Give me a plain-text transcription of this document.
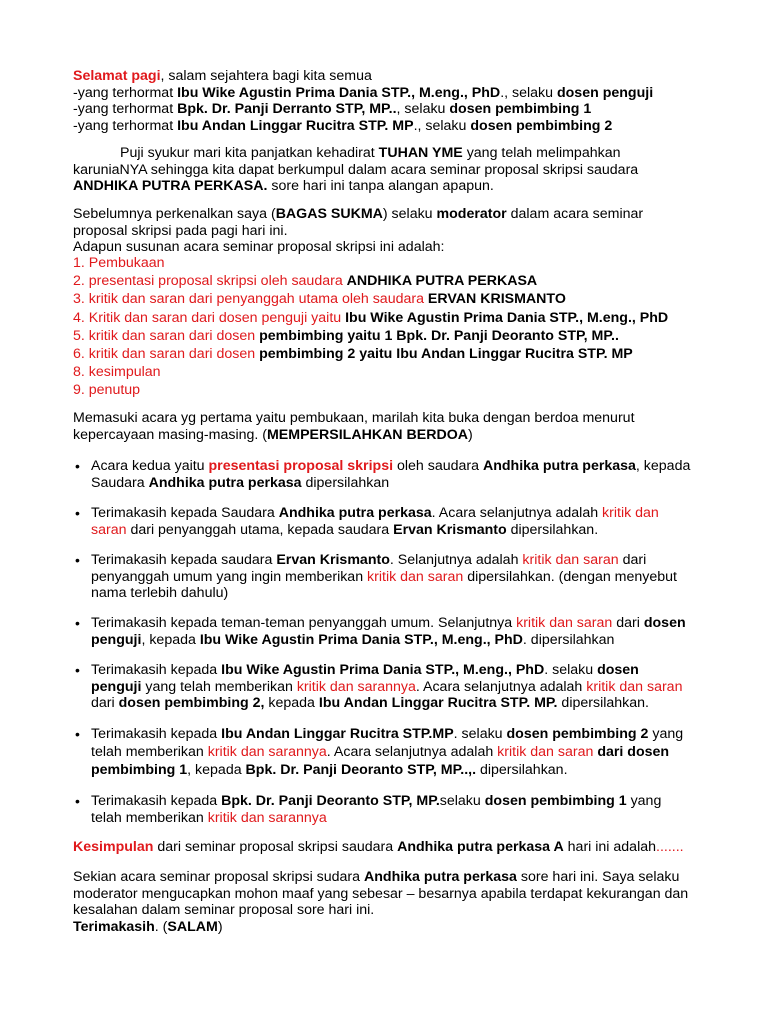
Selamat pagi, salam sejahtera bagi kita semua
-yang terhormat Ibu Wike Agustin Prima Dania STP., M.eng., PhD., selaku dosen penguji
-yang terhormat Bpk. Dr. Panji Derranto STP, MP.., selaku dosen pembimbing 1
-yang terhormat Ibu Andan Linggar Rucitra STP. MP., selaku dosen pembimbing 2
Puji syukur mari kita panjatkan kehadirat TUHAN YME yang telah melimpahkan
karuniaNYA sehingga kita dapat berkumpul dalam acara seminar proposal skripsi saudara
ANDHIKA PUTRA PERKASA. sore hari ini tanpa alangan apapun.
Sebelumnya perkenalkan saya (BAGAS SUKMA) selaku moderator dalam acara seminar
proposal skripsi pada pagi hari ini.
Adapun susunan acara seminar proposal skripsi ini adalah:
1. Pembukaan
2. presentasi proposal skripsi oleh saudara ANDHIKA PUTRA PERKASA
3. kritik dan saran dari penyanggah utama oleh saudara ERVAN KRISMANTO
4. Kritik dan saran dari dosen penguji yaitu Ibu Wike Agustin Prima Dania STP., M.eng., PhD
5. kritik dan saran dari dosen pembimbing yaitu 1 Bpk. Dr. Panji Deoranto STP, MP..
6. kritik dan saran dari dosen pembimbing 2 yaitu Ibu Andan Linggar Rucitra STP. MP
8. kesimpulan
9. penutup
Memasuki acara yg pertama yaitu pembukaan, marilah kita buka dengan berdoa menurut
kepercayaan masing-masing. (MEMPERSILAHKAN BERDOA)
• Acara kedua yaitu presentasi proposal skripsi oleh saudara Andhika putra perkasa, kepada
Saudara Andhika putra perkasa dipersilahkan
• Terimakasih kepada Saudara Andhika putra perkasa. Acara selanjutnya adalah kritik dan
saran dari penyanggah utama, kepada saudara Ervan Krismanto dipersilahkan.
• Terimakasih kepada saudara Ervan Krismanto. Selanjutnya adalah kritik dan saran dari
penyanggah umum yang ingin memberikan kritik dan saran dipersilahkan. (dengan menyebut
nama terlebih dahulu)
• Terimakasih kepada teman-teman penyanggah umum. Selanjutnya kritik dan saran dari dosen
penguji, kepada Ibu Wike Agustin Prima Dania STP., M.eng., PhD. dipersilahkan
• Terimakasih kepada Ibu Wike Agustin Prima Dania STP., M.eng., PhD. selaku dosen
penguji yang telah memberikan kritik dan sarannya. Acara selanjutnya adalah kritik dan saran
dari dosen pembimbing 2, kepada Ibu Andan Linggar Rucitra STP. MP. dipersilahkan.
• Terimakasih kepada Ibu Andan Linggar Rucitra STP.MP. selaku dosen pembimbing 2 yang
telah memberikan kritik dan sarannya. Acara selanjutnya adalah kritik dan saran dari dosen
pembimbing 1, kepada Bpk. Dr. Panji Deoranto STP, MP..,. dipersilahkan.
• Terimakasih kepada Bpk. Dr. Panji Deoranto STP, MP.selaku dosen pembimbing 1 yang
telah memberikan kritik dan sarannya
Kesimpulan dari seminar proposal skripsi saudara Andhika putra perkasa A hari ini adalah.......
Sekian acara seminar proposal skripsi sudara Andhika putra perkasa sore hari ini. Saya selaku
moderator mengucapkan mohon maaf yang sebesar – besarnya apabila terdapat kekurangan dan
kesalahan dalam seminar proposal sore hari ini.
Terimakasih. (SALAM)
